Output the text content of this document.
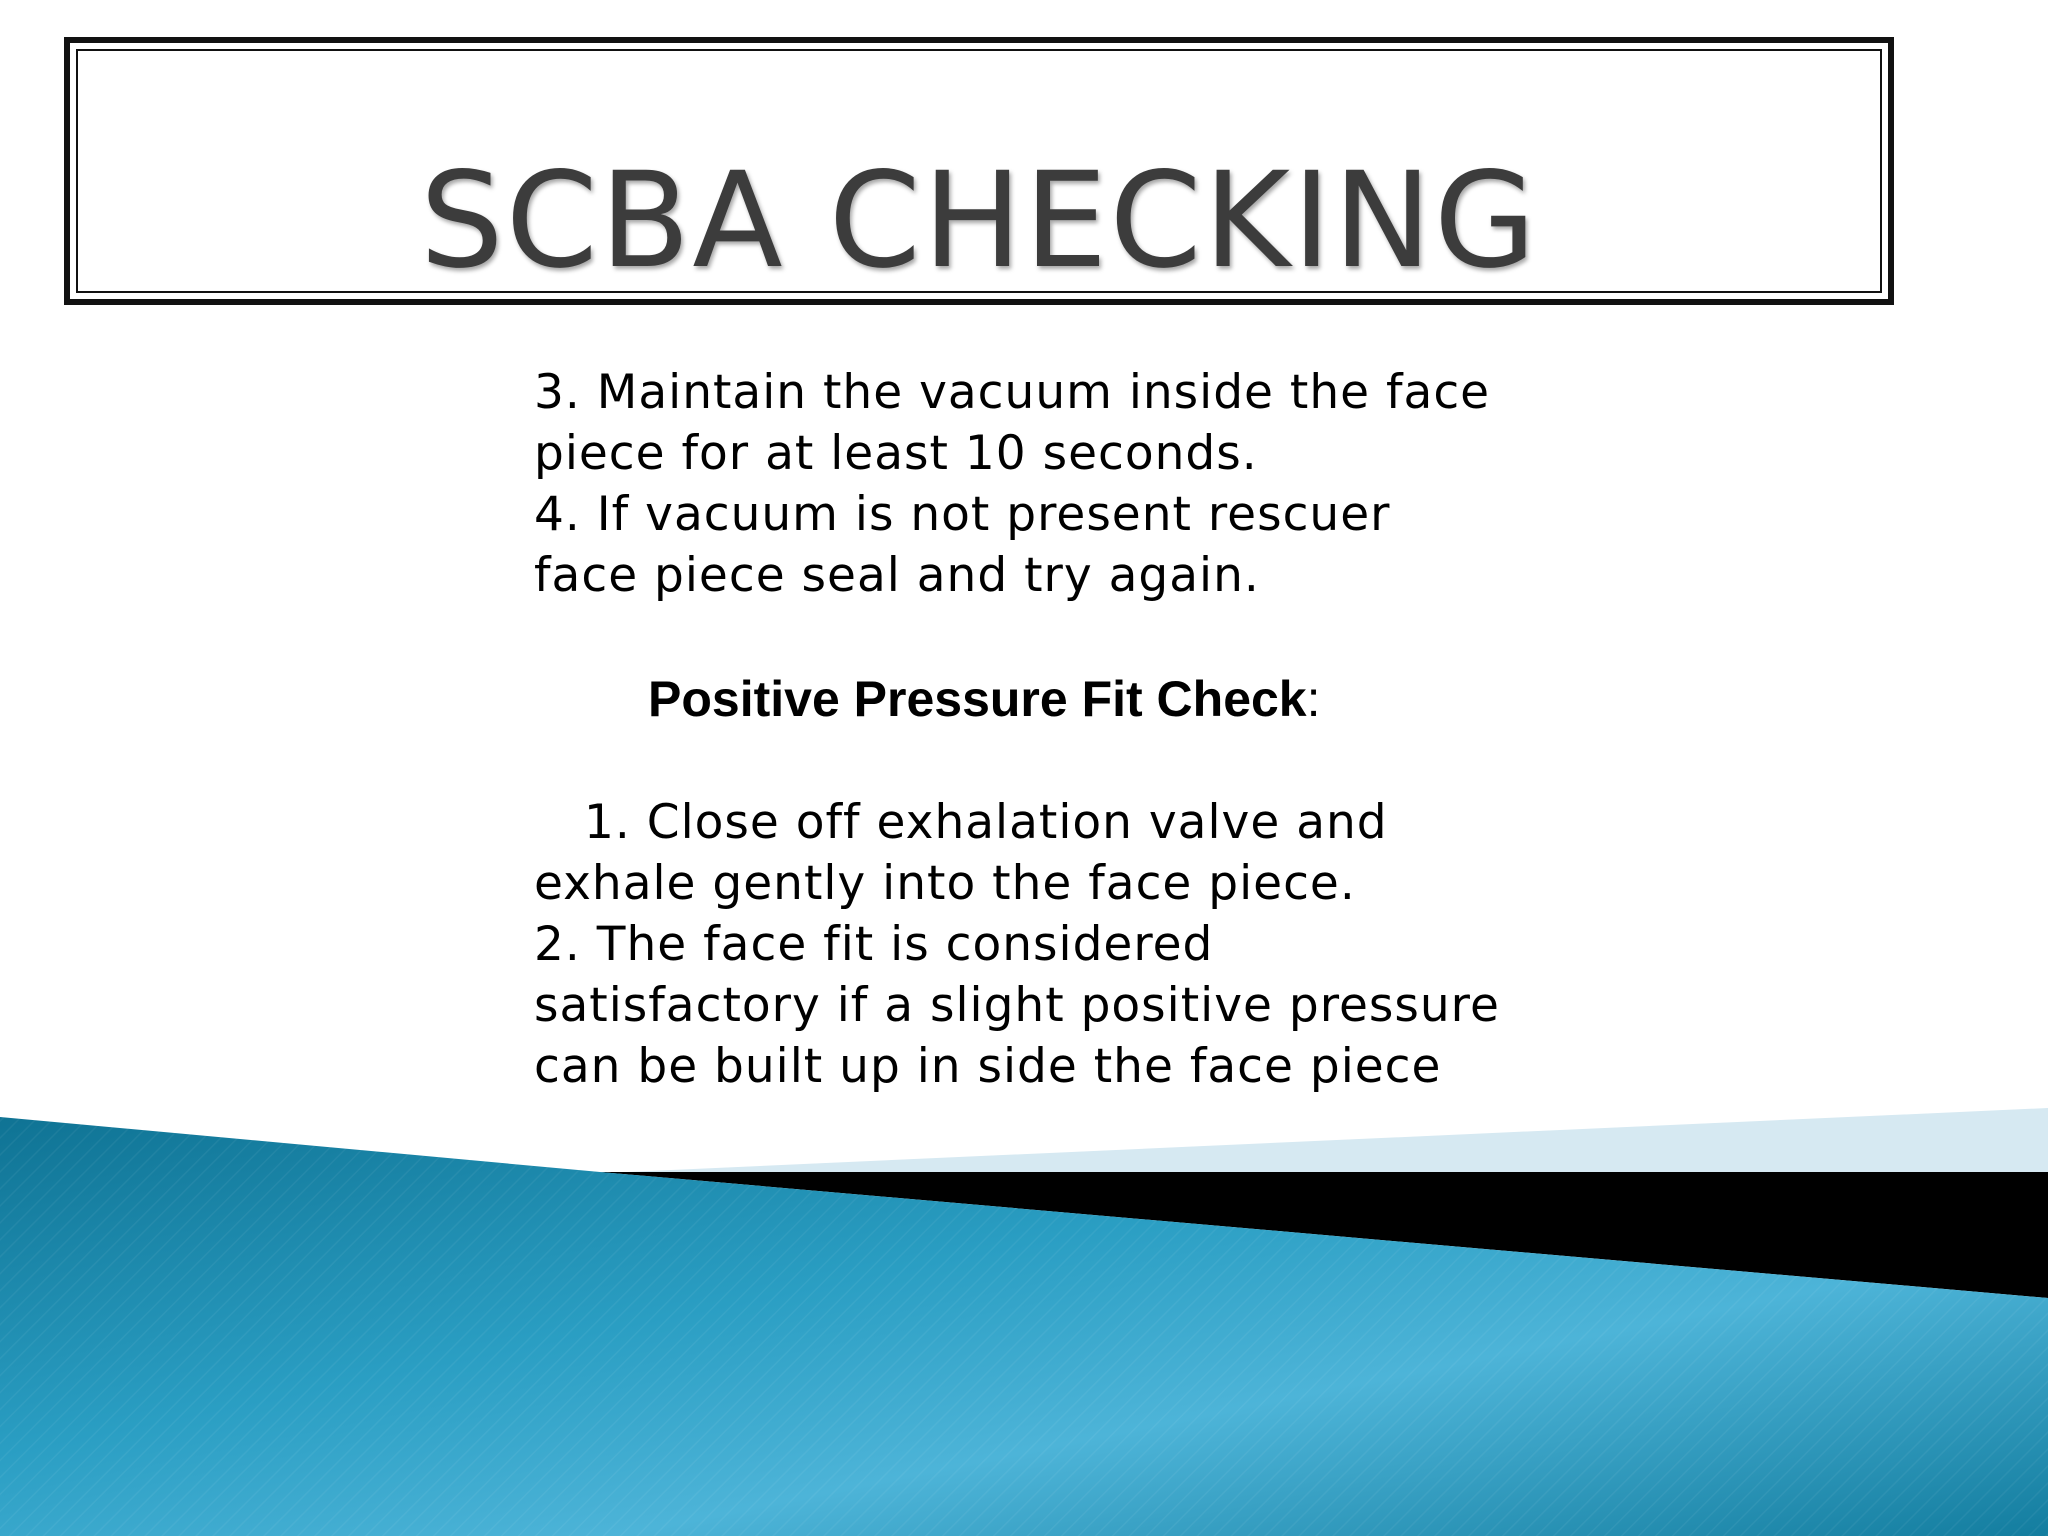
SCBA CHECKING
3. Maintain the vacuum inside the face
piece for at least 10 seconds.
4. If vacuum is not present rescuer
face piece seal and try again.
Positive Pressure Fit Check:
1. Close off exhalation valve and
exhale gently into the face piece.
2. The face fit is considered
satisfactory if a slight positive pressure
can be built up in side the face piece
